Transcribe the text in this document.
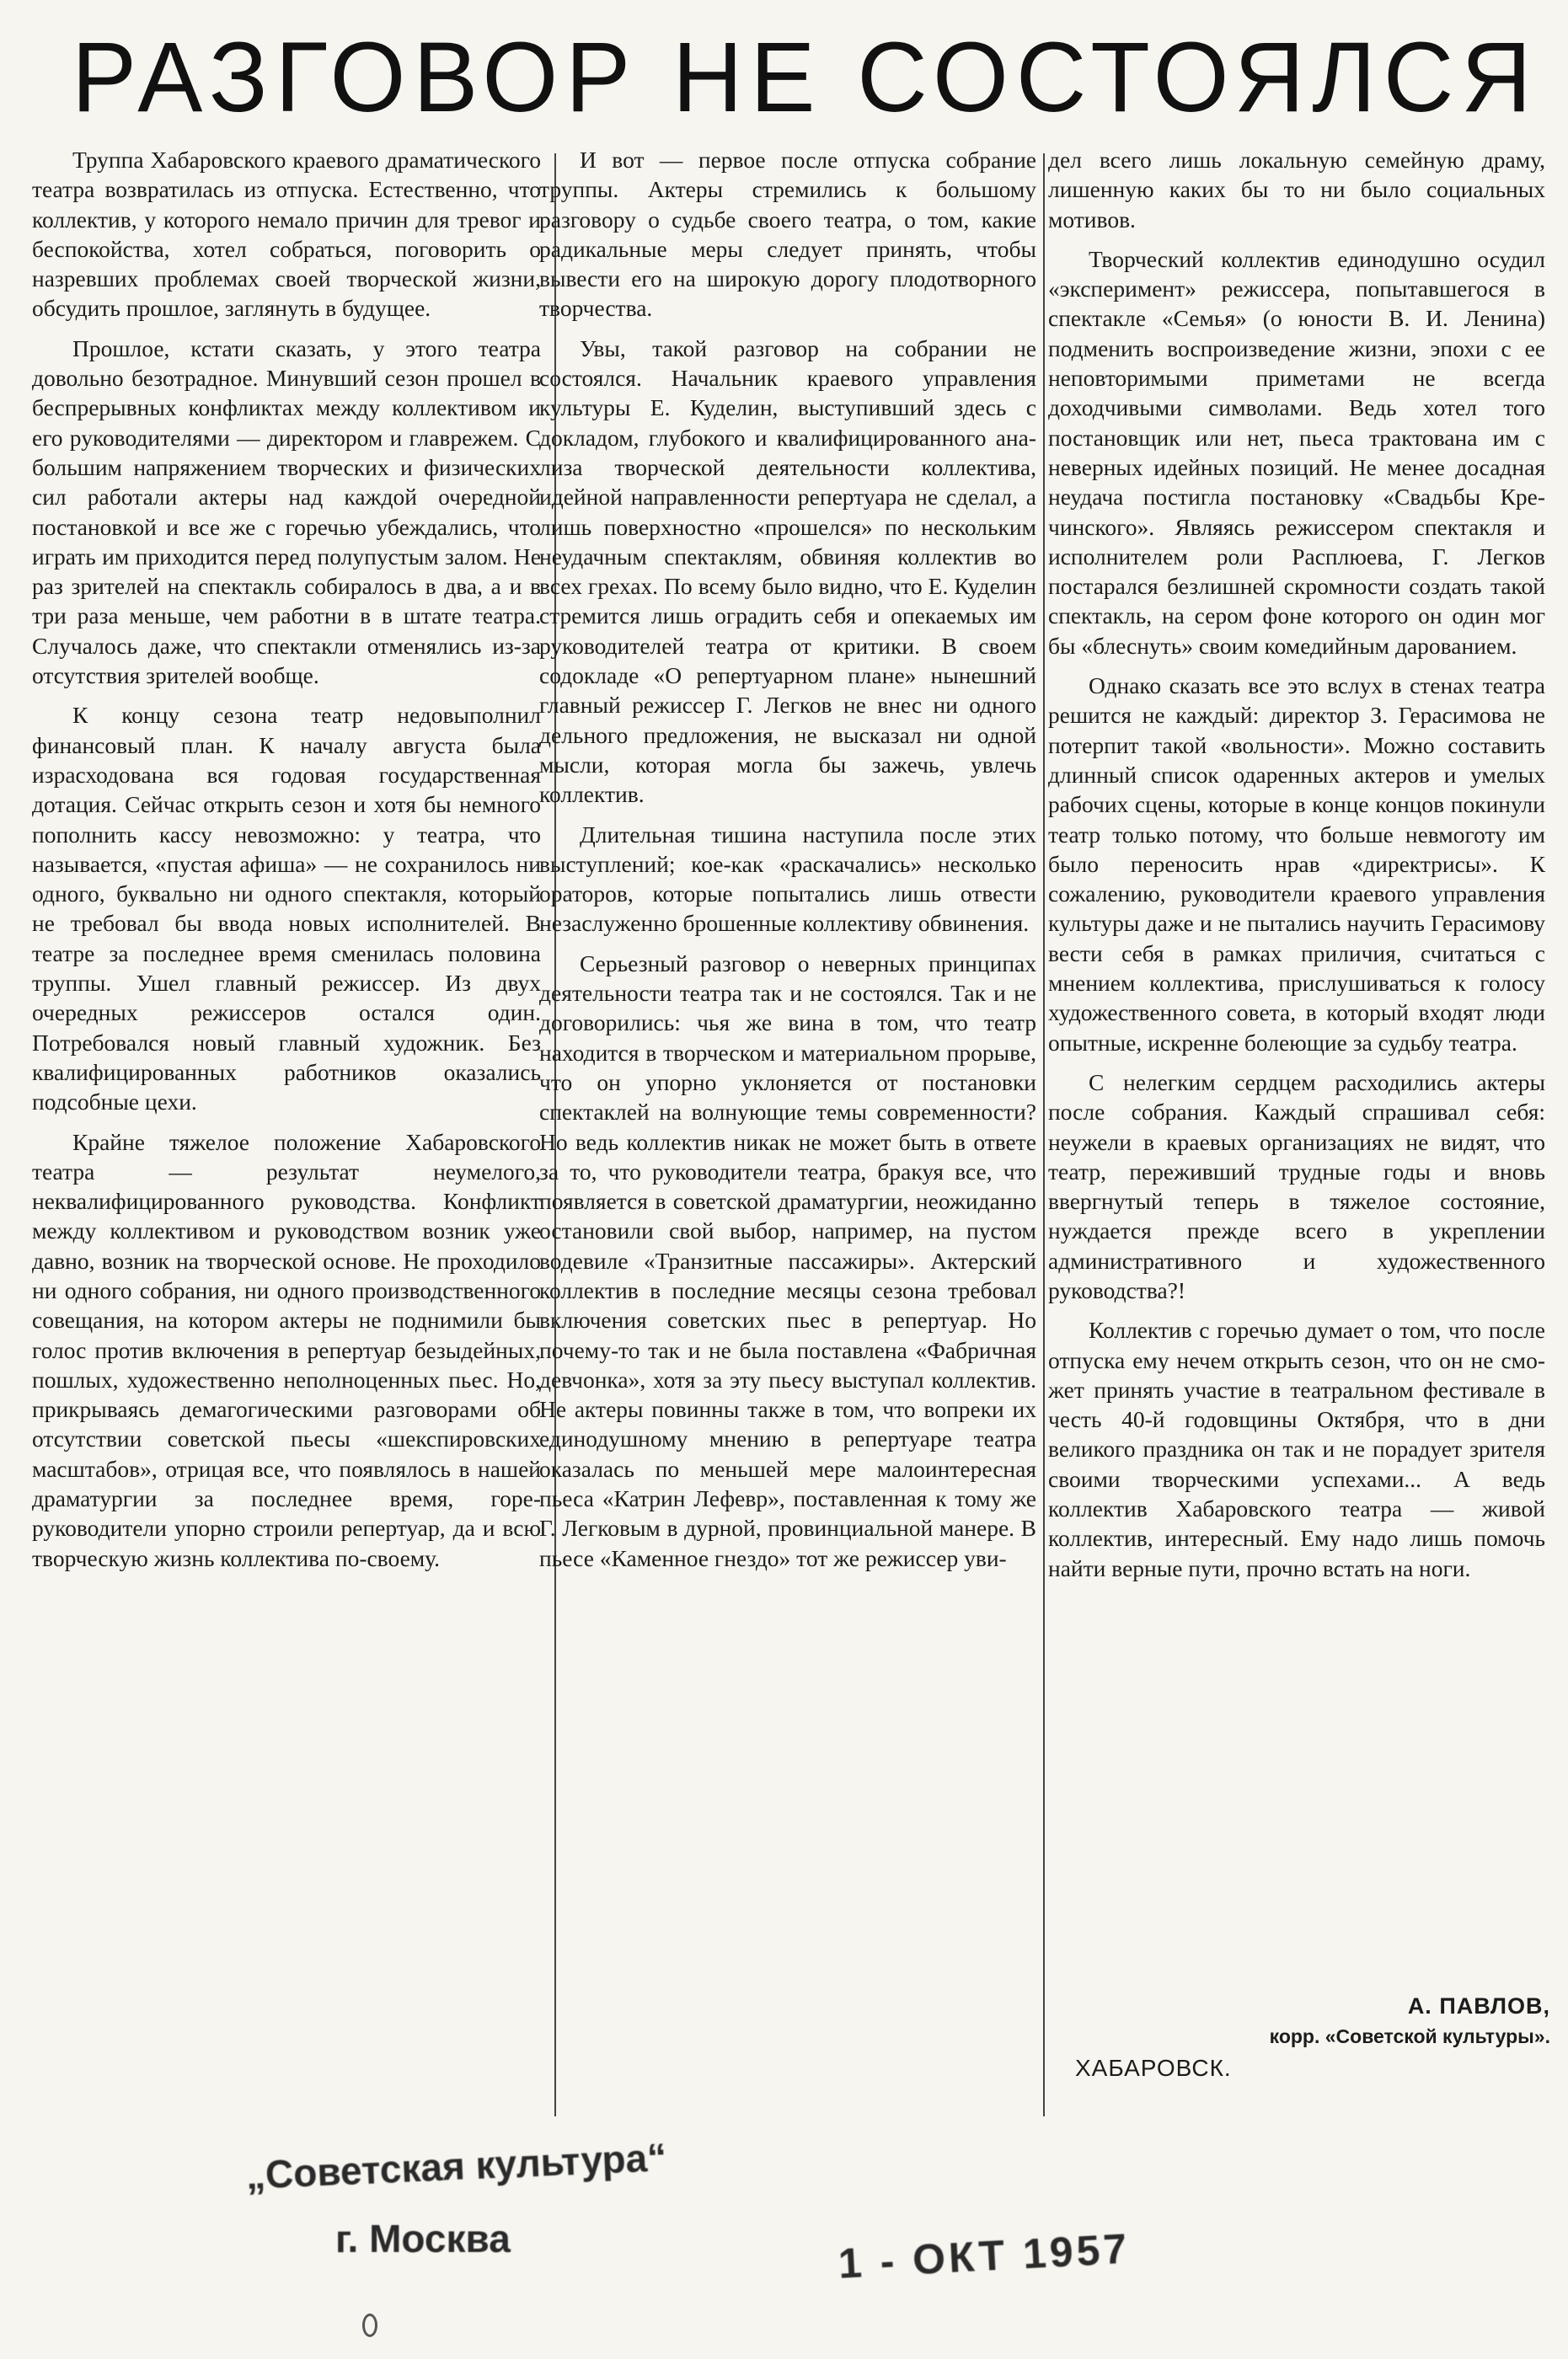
РАЗГОВОР НЕ СОСТОЯЛСЯ

Труппа Хабаровского краевого драматического театра возвратилась из отпуска. Естественно, что коллектив, у которого немало причин для тревог и беспокойства, хотел собраться, поговорить о назревших проблемах своей творческой жизни, обсудить прошлое, заглянуть в будущее.

Прошлое, кстати сказать, у этого театра довольно безотрадное. Минувший сезон прошел в беспрерывных конфликтах между коллективом и его руководителями — директором и главрежем. С большим напряжением творческих и физических сил работали актеры над каждой очередной постановкой и все же с горечью убеждались, что играть им приходится перед полупустым залом. Не раз зрителей на спектакль собиралось в два, а и в три раза меньше, чем работни в в штате театра. Случалось даже, что спектакли отменялись из-за отсутствия зрителей вообще.

К концу сезона театр недовыполнил финансовый план. К началу августа была израсходована вся годовая государственная дотация. Сейчас открыть сезон и хотя бы немного пополнить кассу невозможно: у театра, что называется, «пустая афиша» — не сохранилось ни одного, буквально ни одного спектакля, который не требовал бы ввода новых исполнителей. В театре за последнее время сменилась половина труппы. Ушел главный режиссер. Из двух очередных режиссеров остался один. Потребовался новый главный художник. Без квалифицированных работников оказались подсобные цехи.

Крайне тяжелое положение Хабаровского театра — результат неумелого, неквалифицированного руководства. Конфликт между коллективом и руководством возник уже давно, возник на творческой основе. Не проходило ни одного собрания, ни одного производственного совещания, на котором актеры не поднимили бы голос против включения в репертуар безыдейных, пошлых, художественно неполноценных пьес. Но, прикрываясь демагогическими разговорами об отсутствии советской пьесы «шекспировских масштабов», отрицая все, что появлялось в нашей драматургии за последнее время, горе-руководители упорно строили репертуар, да и всю творческую жизнь коллектива по-своему.

И вот — первое после отпуска собрание труппы. Актеры стремились к большому разговору о судьбе своего театра, о том, какие радикальные меры следует принять, чтобы вывести его на широкую дорогу плодотворного творчества.

Увы, такой разговор на собрании не состоялся. Начальник краевого управления культуры Е. Куделин, выступивший здесь с докладом, глубокого и квалифицированного анализа творческой деятельности коллектива, идейной направленности репертуара не сделал, а лишь поверхностно «прошелся» по нескольким неудачным спектаклям, обвиняя коллектив во всех грехах. По всему было видно, что Е. Куделин стремится лишь оградить себя и опекаемых им руководителей театра от критики. В своем содокладе «О репертуарном плане» нынешний главный режиссер Г. Легков не внес ни одного дельного предложения, не высказал ни одной мысли, которая могла бы зажечь, увлечь коллектив.

Длительная тишина наступила после этих выступлений; кое-как «раскачались» несколько ораторов, которые попытались лишь отвести незаслуженно брошенные коллективу обвинения.

Серьезный разговор о неверных принципах деятельности театра так и не состоялся. Так и не договорились: чья же вина в том, что театр находится в творческом и материальном прорыве, что он упорно уклоняется от постановки спектаклей на волнующие темы современности? Но ведь коллектив никак не может быть в ответе за то, что руководители театра, бракуя все, что появляется в советской драматургии, неожиданно остановили свой выбор, например, на пустом водевиле «Транзитные пассажиры». Актерский коллектив в последние месяцы сезона требовал включения советских пьес в репертуар. Но почему-то так и не была поставлена «Фабричная девчонка», хотя за эту пьесу выступал коллектив. Не актеры повинны также в том, что вопреки их единодушному мнению в репертуаре театра оказалась по меньшей мере малоинтересная пьеса «Катрин Лефевр», поставленная к тому же Г. Легковым в дурной, провинциальной манере. В пьесе «Каменное гнездо» тот же режиссер уви-

дел всего лишь локальную семейную драму, лишенную каких бы то ни было социальных мотивов.

Творческий коллектив единодушно осудил «эксперимент» режиссера, попытавшегося в спектакле «Семья» (о юности В. И. Ленина) подменить воспроизведение жизни, эпохи с ее неповторимыми приметами не всегда доходчивыми символами. Ведь хотел того постановщик или нет, пьеса трактована им с неверных идейных позиций. Не менее досадная неудача постигла постановку «Свадьбы Кречинского». Являясь режиссером спектакля и исполнителем роли Расплюева, Г. Легков постарался безлишней скромности создать такой спектакль, на сером фоне которого он один мог бы «блеснуть» своим комедийным дарованием.

Однако сказать все это вслух в стенах театра решится не каждый: директор З. Герасимова не потерпит такой «вольности». Можно составить длинный список одаренных актеров и умелых рабочих сцены, которые в конце концов покинули театр только потому, что больше невмоготу им было переносить нрав «директрисы». К сожалению, руководители краевого управления культуры даже и не пытались научить Герасимову вести себя в рамках приличия, считаться с мнением коллектива, прислушиваться к голосу художественного совета, в который входят люди опытные, искренне болеющие за судьбу театра.

С нелегким сердцем расходились актеры после собрания. Каждый спрашивал себя: неужели в краевых организациях не видят, что театр, переживший трудные годы и вновь ввергнутый теперь в тяжелое состояние, нуждается прежде всего в укреплении административного и художественного руководства?!

Коллектив с горечью думает о том, что после отпуска ему нечем открыть сезон, что он не сможет принять участие в театральном фестивале в честь 40-й годовщины Октября, что в дни великого праздника он так и не порадует зрителя своими творческими успехами... А ведь коллектив Хабаровского театра — живой коллектив, интересный. Ему надо лишь помочь найти верные пути, прочно встать на ноги.

А. ПАВЛОВ,
корр. «Советской культуры».
ХАБАРОВСК.
„Советская культура“
г. Москва	1 - ОКТ 1957
